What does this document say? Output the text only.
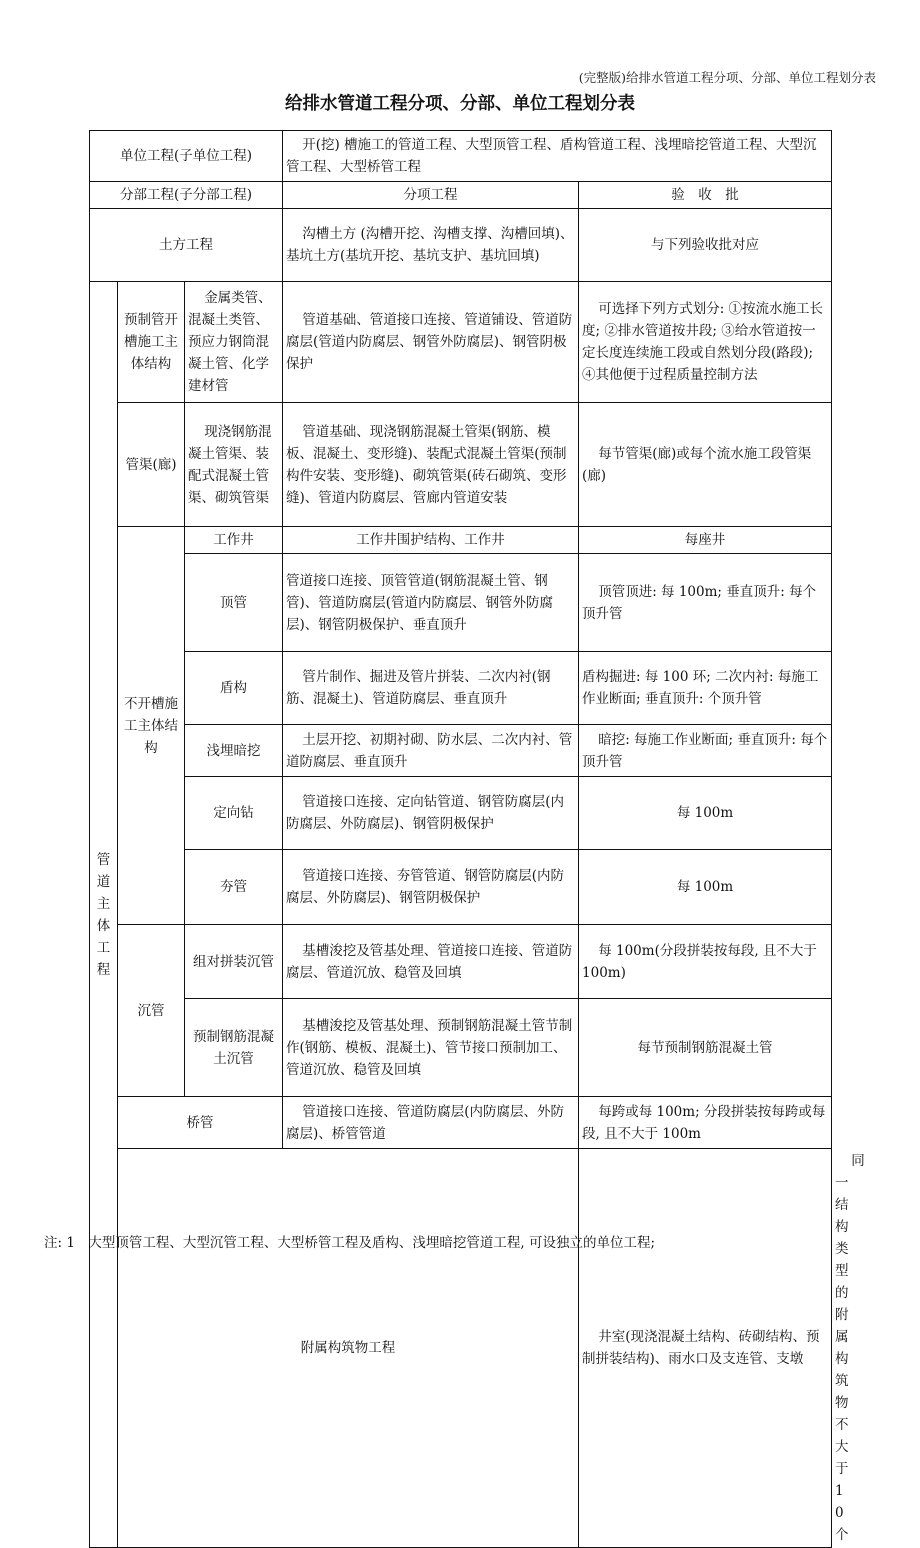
(完整版)给排水管道工程分项、分部、单位工程划分表
给排水管道工程分项、分部、单位工程划分表
单位工程(子单位工程)			开(挖) 槽施工的管道工程、大型顶管工程、盾构管道工程、浅埋暗挖管道工程、大型沉管工程、大型桥管工程		
分部工程(子分部工程)			分项工程	验　收　批	
土方工程			沟槽土方 (沟槽开挖、沟槽支撑、沟槽回填)、基坑土方(基坑开挖、基坑支护、基坑回填)	与下列验收批对应	
管道主体工程	预制管开槽施工主体结构	金属类管、混凝土类管、预应力钢筒混凝土管、化学建材管	管道基础、管道接口连接、管道铺设、管道防腐层(管道内防腐层、钢管外防腐层)、钢管阴极保护	可选择下列方式划分: ①按流水施工长度; ②排水管道按井段; ③给水管道按一定长度连续施工段或自然划分段(路段); ④其他便于过程质量控制方法	
	管渠(廊)	现浇钢筋混凝土管渠、装配式混凝土管渠、砌筑管渠	管道基础、现浇钢筋混凝土管渠(钢筋、模板、混凝土、变形缝)、装配式混凝土管渠(预制构件安装、变形缝)、砌筑管渠(砖石砌筑、变形缝)、管道内防腐层、管廊内管道安装	每节管渠(廊)或每个流水施工段管渠(廊)	
	不开槽施工主体结构	工作井	工作井围护结构、工作井	每座井	
		顶管	管道接口连接、顶管管道(钢筋混凝土管、钢管)、管道防腐层(管道内防腐层、钢管外防腐层)、钢管阴极保护、垂直顶升	顶管顶进: 每 100m; 垂直顶升: 每个顶升管	
		盾构	管片制作、掘进及管片拼装、二次内衬(钢筋、混凝土)、管道防腐层、垂直顶升	盾构掘进: 每 100 环; 二次内衬: 每施工作业断面; 垂直顶升: 个顶升管	
		浅埋暗挖	土层开挖、初期衬砌、防水层、二次内衬、管道防腐层、垂直顶升	暗挖: 每施工作业断面; 垂直顶升: 每个顶升管	
		定向钻	管道接口连接、定向钻管道、钢管防腐层(内防腐层、外防腐层)、钢管阴极保护	每 100m	
		夯管	管道接口连接、夯管管道、钢管防腐层(内防腐层、外防腐层)、钢管阴极保护	每 100m	
	沉管	组对拼装沉管	基槽浚挖及管基处理、管道接口连接、管道防腐层、管道沉放、稳管及回填	每 100m(分段拼装按每段, 且不大于 100m)	
		预制钢筋混凝土沉管	基槽浚挖及管基处理、预制钢筋混凝土管节制作(钢筋、模板、混凝土)、管节接口预制加工、管道沉放、稳管及回填	每节预制钢筋混凝土管	
	桥管		管道接口连接、管道防腐层(内防腐层、外防腐层)、桥管管道	每跨或每 100m; 分段拼装按每跨或每段, 且不大于 100m	
	附属构筑物工程			井室(现浇混凝土结构、砖砌结构、预制拼装结构)、雨水口及支连管、支墩	同一结构类型的附属构筑物不大于 10 个
注: 1　大型顶管工程、大型沉管工程、大型桥管工程及盾构、浅埋暗挖管道工程, 可设独立的单位工程;
